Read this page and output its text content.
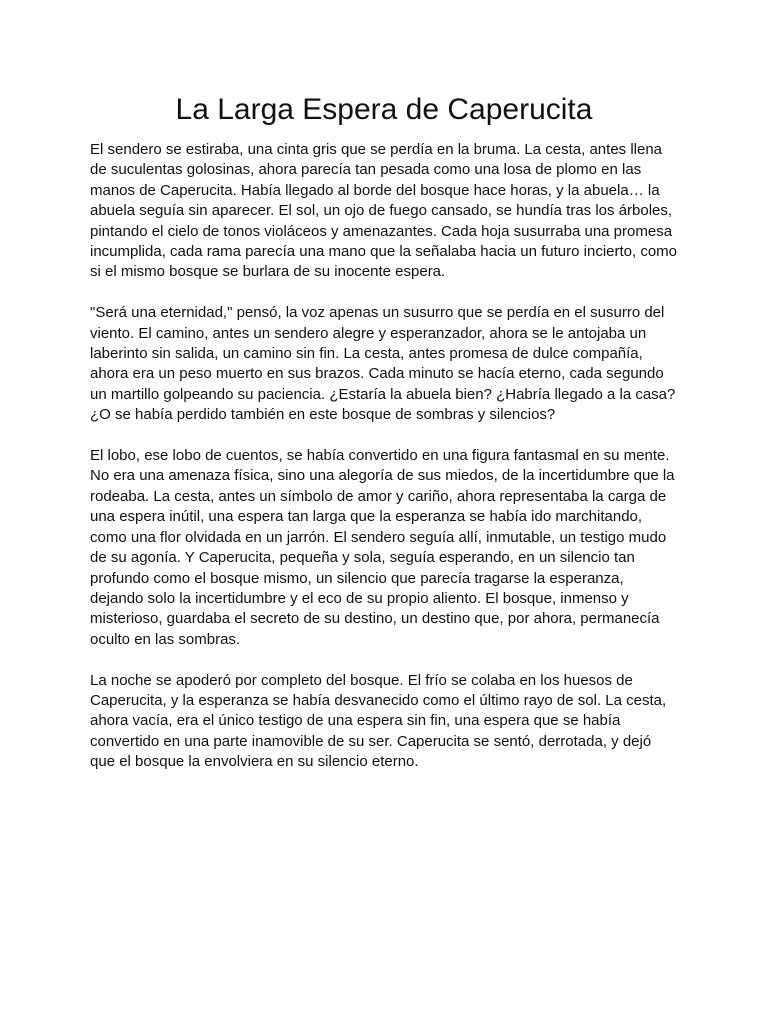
La Larga Espera de Caperucita

El sendero se estiraba, una cinta gris que se perdía en la bruma. La cesta, antes llena de suculentas golosinas, ahora parecía tan pesada como una losa de plomo en las manos de Caperucita. Había llegado al borde del bosque hace horas, y la abuela… la abuela seguía sin aparecer. El sol, un ojo de fuego cansado, se hundía tras los árboles, pintando el cielo de tonos violáceos y amenazantes. Cada hoja susurraba una promesa incumplida, cada rama parecía una mano que la señalaba hacia un futuro incierto, como si el mismo bosque se burlara de su inocente espera.

"Será una eternidad," pensó, la voz apenas un susurro que se perdía en el susurro del viento. El camino, antes un sendero alegre y esperanzador, ahora se le antojaba un laberinto sin salida, un camino sin fin. La cesta, antes promesa de dulce compañía, ahora era un peso muerto en sus brazos. Cada minuto se hacía eterno, cada segundo un martillo golpeando su paciencia. ¿Estaría la abuela bien? ¿Habría llegado a la casa? ¿O se había perdido también en este bosque de sombras y silencios?

El lobo, ese lobo de cuentos, se había convertido en una figura fantasmal en su mente. No era una amenaza física, sino una alegoría de sus miedos, de la incertidumbre que la rodeaba. La cesta, antes un símbolo de amor y cariño, ahora representaba la carga de una espera inútil, una espera tan larga que la esperanza se había ido marchitando, como una flor olvidada en un jarrón. El sendero seguía allí, inmutable, un testigo mudo de su agonía. Y Caperucita, pequeña y sola, seguía esperando, en un silencio tan profundo como el bosque mismo, un silencio que parecía tragarse la esperanza, dejando solo la incertidumbre y el eco de su propio aliento. El bosque, inmenso y misterioso, guardaba el secreto de su destino, un destino que, por ahora, permanecía oculto en las sombras.

La noche se apoderó por completo del bosque. El frío se colaba en los huesos de Caperucita, y la esperanza se había desvanecido como el último rayo de sol. La cesta, ahora vacía, era el único testigo de una espera sin fin, una espera que se había convertido en una parte inamovible de su ser. Caperucita se sentó, derrotada, y dejó que el bosque la envolviera en su silencio eterno.
